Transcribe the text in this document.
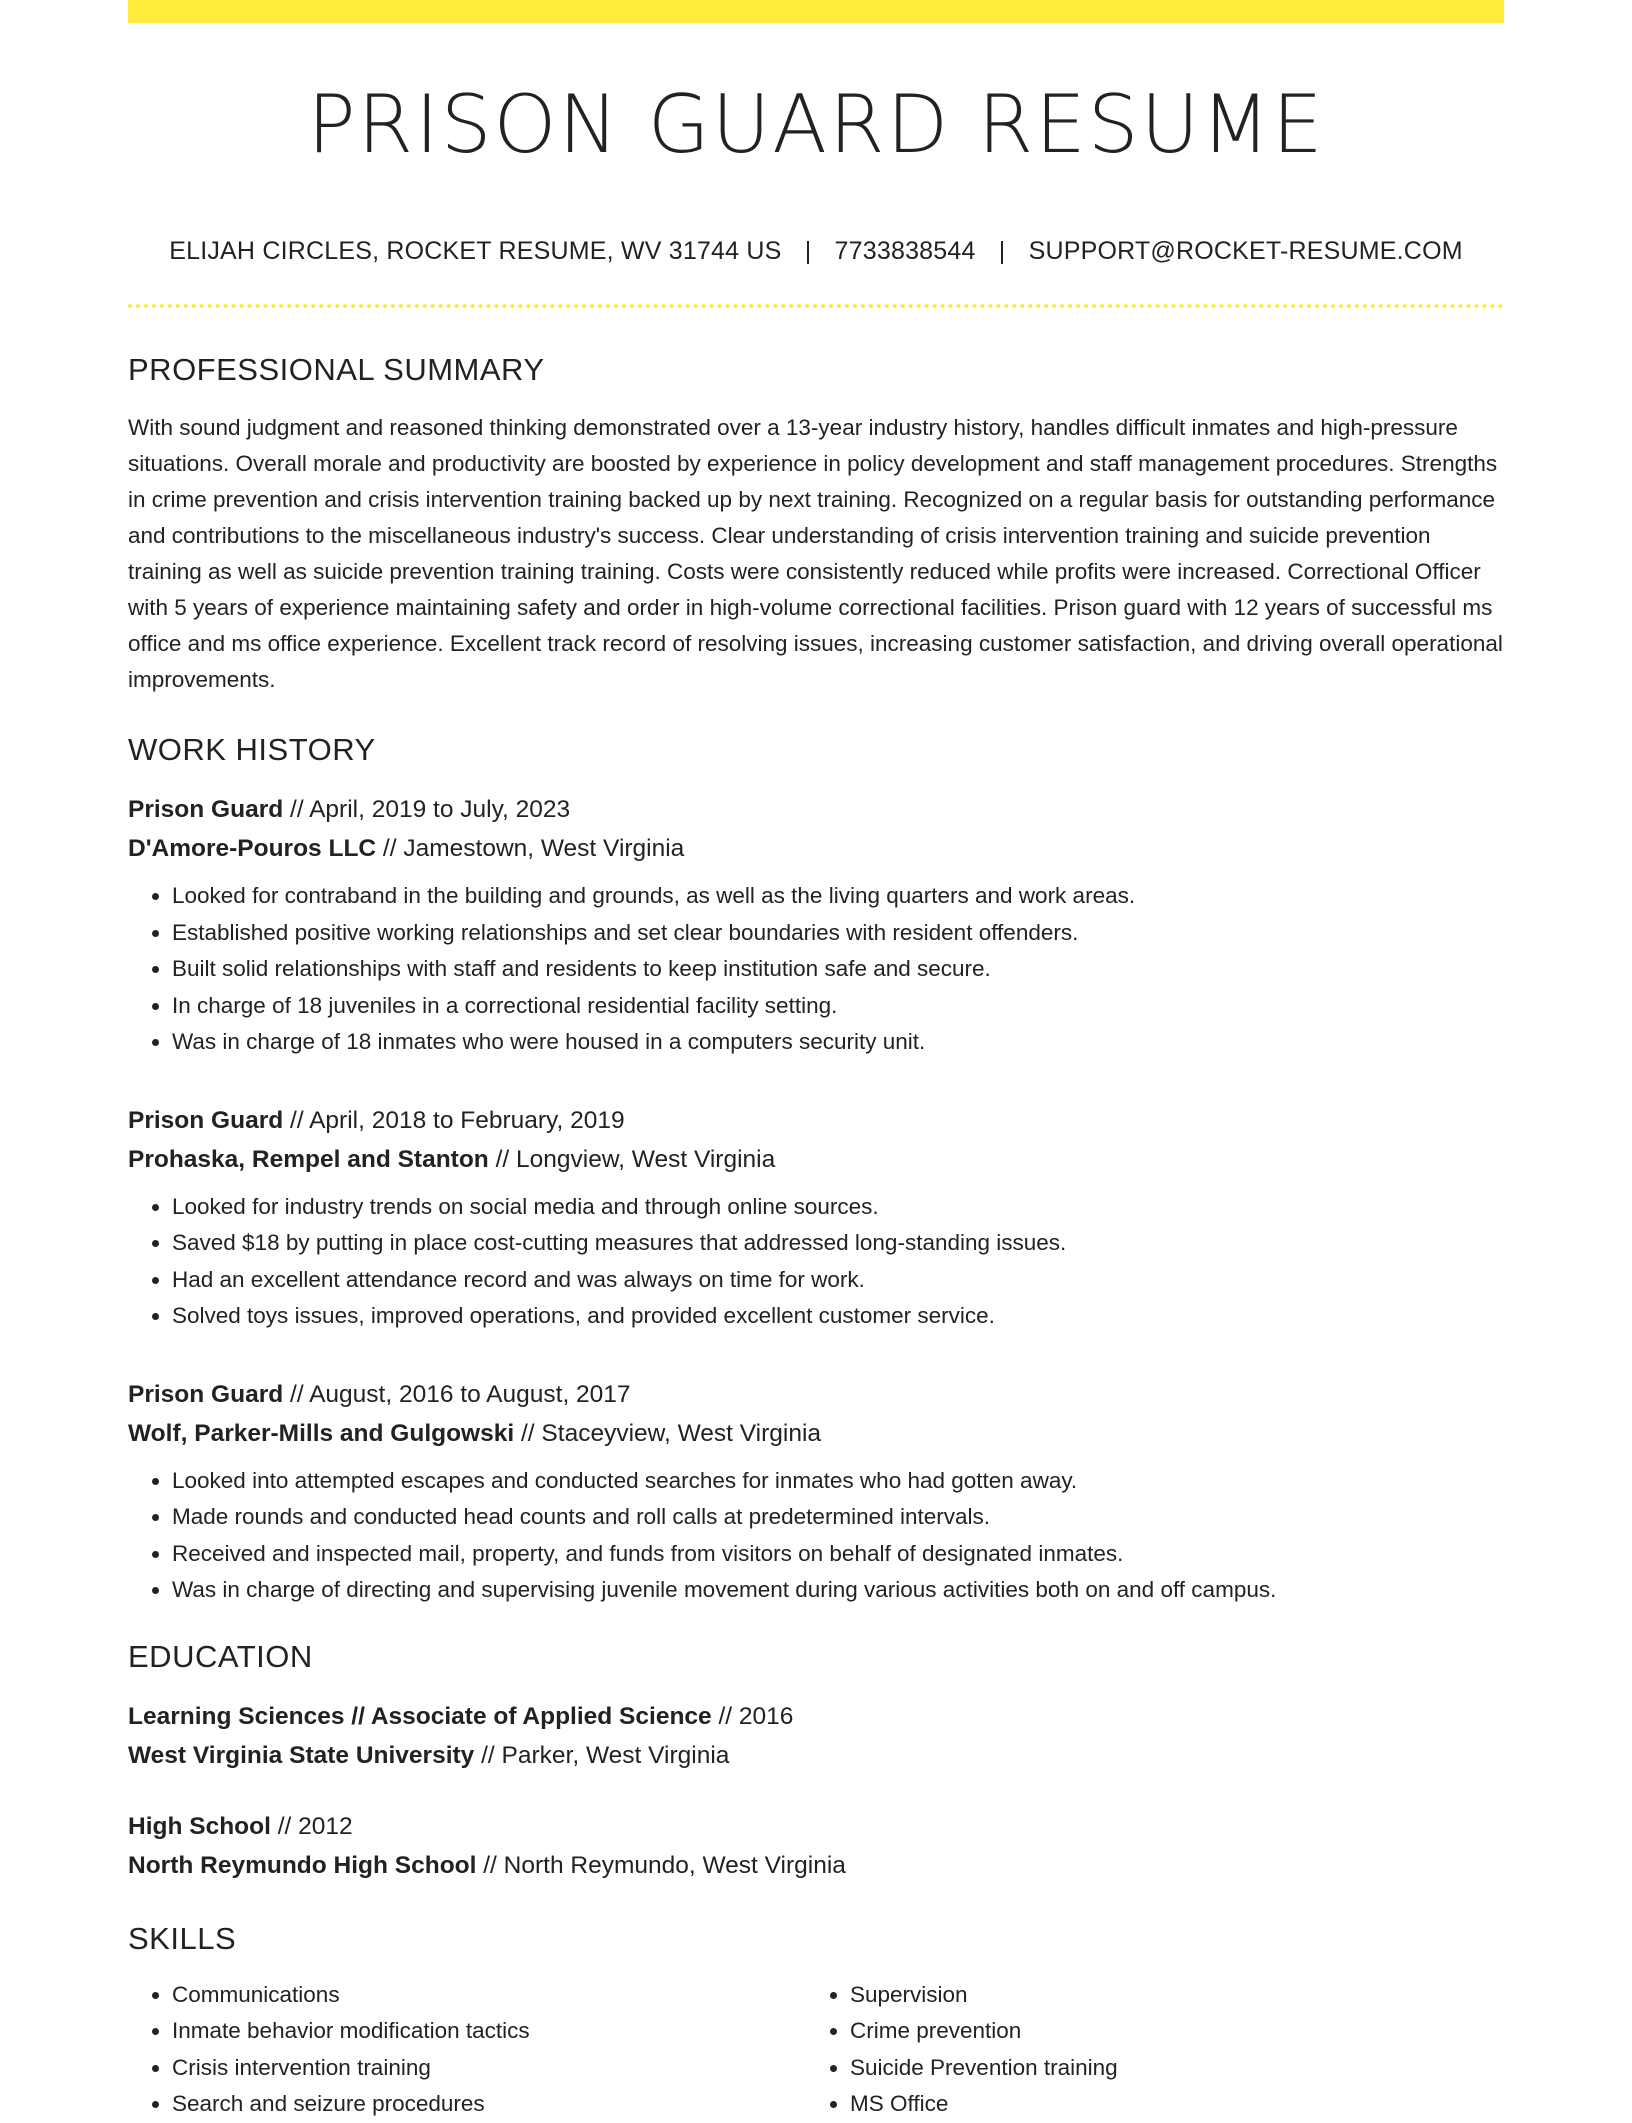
PRISON GUARD RESUME
ELIJAH CIRCLES, ROCKET RESUME, WV 31744 US | 7733838544 | SUPPORT@ROCKET-RESUME.COM
PROFESSIONAL SUMMARY
With sound judgment and reasoned thinking demonstrated over a 13-year industry history, handles difficult inmates and high-pressure situations. Overall morale and productivity are boosted by experience in policy development and staff management procedures. Strengths in crime prevention and crisis intervention training backed up by next training. Recognized on a regular basis for outstanding performance and contributions to the miscellaneous industry's success. Clear understanding of crisis intervention training and suicide prevention training as well as suicide prevention training training. Costs were consistently reduced while profits were increased. Correctional Officer with 5 years of experience maintaining safety and order in high-volume correctional facilities. Prison guard with 12 years of successful ms office and ms office experience. Excellent track record of resolving issues, increasing customer satisfaction, and driving overall operational improvements.
WORK HISTORY
Prison Guard // April, 2019 to July, 2023
D'Amore-Pouros LLC // Jamestown, West Virginia
• Looked for contraband in the building and grounds, as well as the living quarters and work areas.
• Established positive working relationships and set clear boundaries with resident offenders.
• Built solid relationships with staff and residents to keep institution safe and secure.
• In charge of 18 juveniles in a correctional residential facility setting.
• Was in charge of 18 inmates who were housed in a computers security unit.
Prison Guard // April, 2018 to February, 2019
Prohaska, Rempel and Stanton // Longview, West Virginia
• Looked for industry trends on social media and through online sources.
• Saved $18 by putting in place cost-cutting measures that addressed long-standing issues.
• Had an excellent attendance record and was always on time for work.
• Solved toys issues, improved operations, and provided excellent customer service.
Prison Guard // August, 2016 to August, 2017
Wolf, Parker-Mills and Gulgowski // Staceyview, West Virginia
• Looked into attempted escapes and conducted searches for inmates who had gotten away.
• Made rounds and conducted head counts and roll calls at predetermined intervals.
• Received and inspected mail, property, and funds from visitors on behalf of designated inmates.
• Was in charge of directing and supervising juvenile movement during various activities both on and off campus.
EDUCATION
Learning Sciences // Associate of Applied Science // 2016
West Virginia State University // Parker, West Virginia
High School // 2012
North Reymundo High School // North Reymundo, West Virginia
SKILLS
• Communications
• Inmate behavior modification tactics
• Crisis intervention training
• Search and seizure procedures
• Supervision
• Crime prevention
• Suicide Prevention training
• MS Office
